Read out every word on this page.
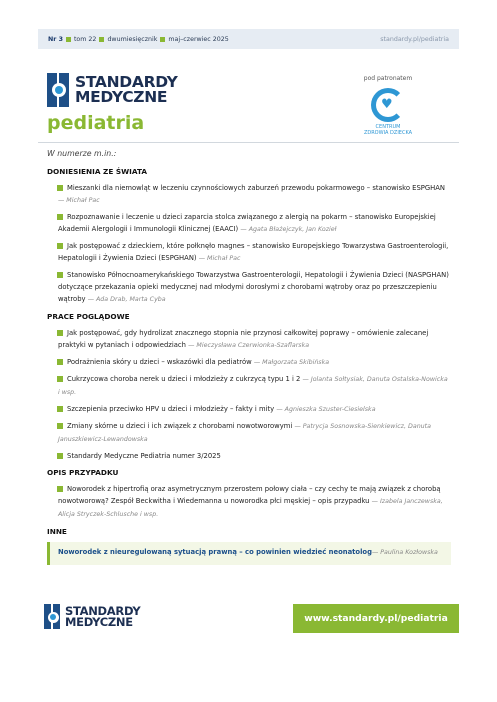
Nr 3 tom 22 dwumiesięcznik maj–czerwiec 2025	standardy.pl/pediatria
STANDARDY
MEDYCZNE
pediatria
pod patronatem
♥
CENTRUM
ZDROWIA DZIECKA
W numerze m.in.:
DONIESIENIA ZE ŚWIATA
Mieszanki dla niemowląt w leczeniu czynnościowych zaburzeń przewodu pokarmowego – stanowisko ESPGHAN — Michał Pac
Rozpoznawanie i leczenie u dzieci zaparcia stolca związanego z alergią na pokarm – stanowisko Europejskiej Akademii Alergologii i Immunologii Klinicznej (EAACI) — Agata Błażejczyk, Jan Kozieł
Jak postępować z dzieckiem, które połknęło magnes – stanowisko Europejskiego Towarzystwa Gastroenterologii, Hepatologii i Żywienia Dzieci (ESPGHAN) — Michał Pac
Stanowisko Północnoamerykańskiego Towarzystwa Gastroenterologii, Hepatologii i Żywienia Dzieci (NASPGHAN) dotyczące przekazania opieki medycznej nad młodymi dorosłymi z chorobami wątroby oraz po przeszczepieniu wątroby — Ada Drab, Marta Cyba
PRACE POGLĄDOWE
Jak postępować, gdy hydrolizat znacznego stopnia nie przynosi całkowitej poprawy – omówienie zalecanej praktyki w pytaniach i odpowiedziach — Mieczysława Czerwionka-Szaflarska
Podrażnienia skóry u dzieci – wskazówki dla pediatrów — Małgorzata Skibińska
Cukrzycowa choroba nerek u dzieci i młodzieży z cukrzycą typu 1 i 2 — Jolanta Sołtysiak, Danuta Ostalska-Nowicka i wsp.
Szczepienia przeciwko HPV u dzieci i młodzieży – fakty i mity — Agnieszka Szuster-Ciesielska
Zmiany skórne u dzieci i ich związek z chorobami nowotworowymi — Patrycja Sosnowska-Sienkiewicz, Danuta Januszkiewicz-Lewandowska
Standardy Medyczne Pediatria numer 3/2025
OPIS PRZYPADKU
Noworodek z hipertrofią oraz asymetrycznym przerostem połowy ciała – czy cechy te mają związek z chorobą nowotworową? Zespół Beckwitha i Wiedemanna u noworodka płci męskiej – opis przypadku — Izabela Janczewska, Alicja Stryczek-Schlusche i wsp.
INNE
Noworodek z nieuregulowaną sytuacją prawną – co powinien wiedzieć neonatolog— Paulina Kozłowska
STANDARDY
MEDYCZNE	www.standardy.pl/pediatria
